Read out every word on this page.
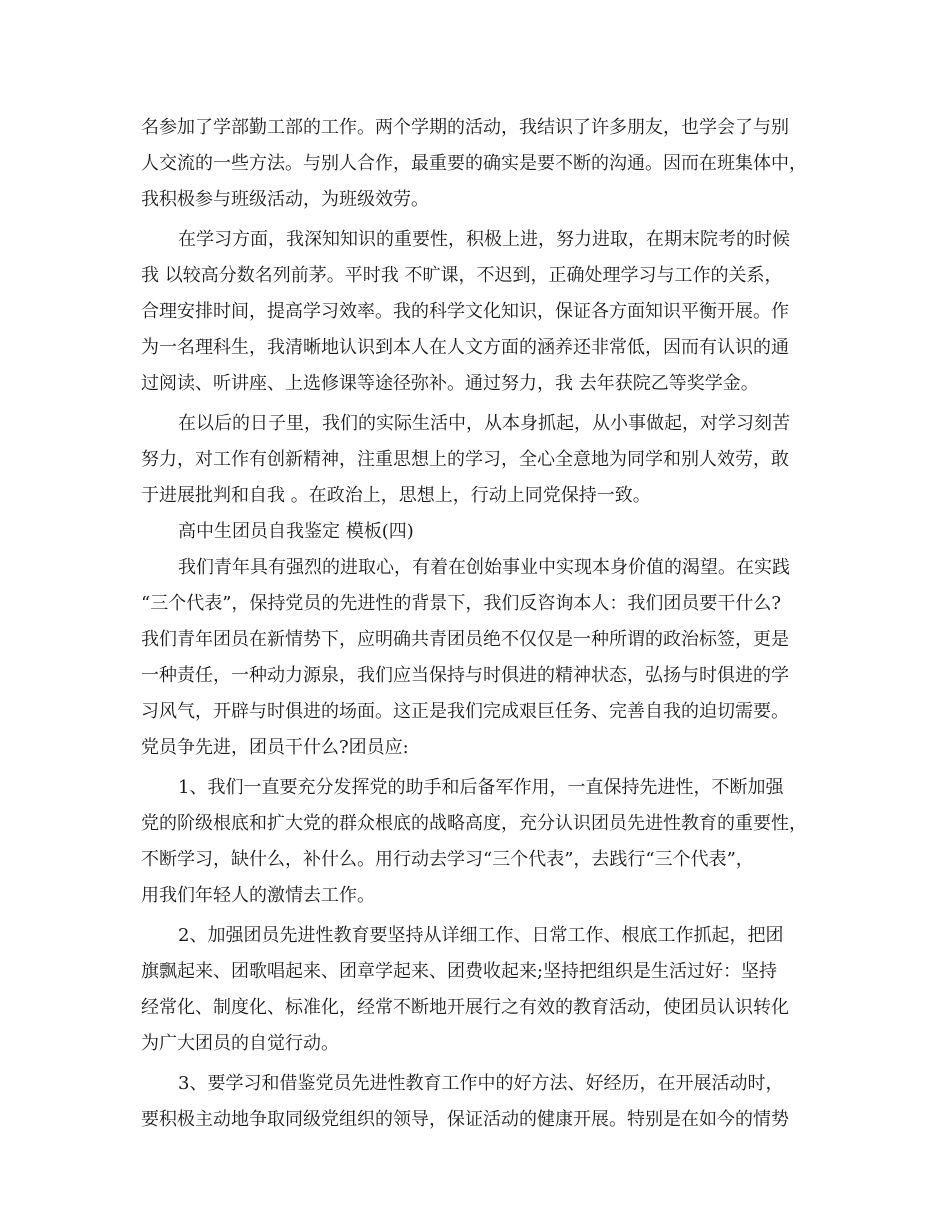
名参加了学部勤工部的工作。两个学期的活动，我结识了许多朋友，也学会了与别
人交流的一些方法。与别人合作，最重要的确实是要不断的沟通。因而在班集体中，
我积极参与班级活动，为班级效劳。
在学习方面，我深知知识的重要性，积极上进，努力进取，在期末院考的时候
我 以较高分数名列前茅。平时我 不旷课，不迟到，正确处理学习与工作的关系，
合理安排时间，提高学习效率。我的科学文化知识，保证各方面知识平衡开展。作
为一名理科生，我清晰地认识到本人在人文方面的涵养还非常低，因而有认识的通
过阅读、听讲座、上选修课等途径弥补。通过努力，我 去年获院乙等奖学金。
在以后的日子里，我们的实际生活中，从本身抓起，从小事做起，对学习刻苦
努力，对工作有创新精神，注重思想上的学习，全心全意地为同学和别人效劳，敢
于进展批判和自我 。在政治上，思想上，行动上同党保持一致。
高中生团员自我鉴定 模板(四)
我们青年具有强烈的进取心，有着在创始事业中实现本身价值的渴望。在实践
“三个代表”，保持党员的先进性的背景下，我们反咨询本人：我们团员要干什么?
我们青年团员在新情势下，应明确共青团员绝不仅仅是一种所谓的政治标签，更是
一种责任，一种动力源泉，我们应当保持与时俱进的精神状态，弘扬与时俱进的学
习风气，开辟与时俱进的场面。这正是我们完成艰巨任务、完善自我的迫切需要。
党员争先进，团员干什么?团员应:
1、我们一直要充分发挥党的助手和后备军作用，一直保持先进性，不断加强
党的阶级根底和扩大党的群众根底的战略高度，充分认识团员先进性教育的重要性，
不断学习，缺什么，补什么。用行动去学习“三个代表”，去践行“三个代表”，
用我们年轻人的激情去工作。
2、加强团员先进性教育要坚持从详细工作、日常工作、根底工作抓起，把团
旗飘起来、团歌唱起来、团章学起来、团费收起来;坚持把组织是生活过好：坚持
经常化、制度化、标准化，经常不断地开展行之有效的教育活动，使团员认识转化
为广大团员的自觉行动。
3、要学习和借鉴党员先进性教育工作中的好方法、好经历，在开展活动时，
要积极主动地争取同级党组织的领导，保证活动的健康开展。特别是在如今的情势
